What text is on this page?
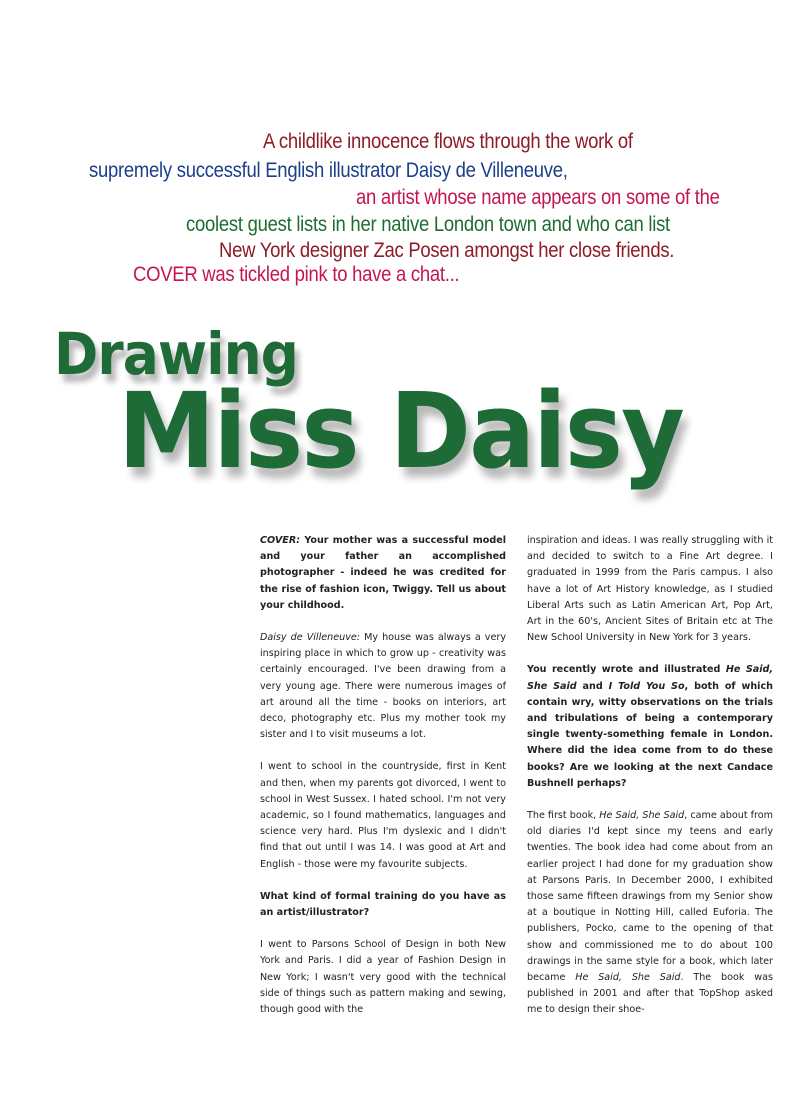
A childlike innocence flows through the work of
supremely successful English illustrator Daisy de Villeneuve,
an artist whose name appears on some of the
coolest guest lists in her native London town and who can list
New York designer Zac Posen amongst her close friends.
COVER was tickled pink to have a chat...
Drawing
Miss Daisy

COVER: Your mother was a successful model and your father an accomplished photographer - indeed he was credited for the rise of fashion icon, Twiggy. Tell us about your childhood.

Daisy de Villeneuve: My house was always a very inspiring place in which to grow up - creativity was certainly encouraged. I've been drawing from a very young age. There were numerous images of art around all the time - books on interiors, art deco, photography etc. Plus my mother took my sister and I to visit museums a lot.

I went to school in the countryside, first in Kent and then, when my parents got divorced, I went to school in West Sussex. I hated school. I'm not very academic, so I found mathematics, languages and science very hard. Plus I'm dyslexic and I didn't find that out until I was 14. I was good at Art and English - those were my favourite subjects.

What kind of formal training do you have as an artist/illustrator?

I went to Parsons School of Design in both New York and Paris. I did a year of Fashion Design in New York; I wasn't very good with the technical side of things such as pattern making and sewing, though good with the

inspiration and ideas. I was really struggling with it and decided to switch to a Fine Art degree. I graduated in 1999 from the Paris campus. I also have a lot of Art History knowledge, as I studied Liberal Arts such as Latin American Art, Pop Art, Art in the 60's, Ancient Sites of Britain etc at The New School University in New York for 3 years.

You recently wrote and illustrated He Said, She Said and I Told You So, both of which contain wry, witty observations on the trials and tribulations of being a contemporary single twenty-something female in London. Where did the idea come from to do these books? Are we looking at the next Candace Bushnell perhaps?

The first book, He Said, She Said, came about from old diaries I'd kept since my teens and early twenties. The book idea had come about from an earlier project I had done for my graduation show at Parsons Paris. In December 2000, I exhibited those same fifteen drawings from my Senior show at a boutique in Notting Hill, called Euforia. The publishers, Pocko, came to the opening of that show and commissioned me to do about 100 drawings in the same style for a book, which later became He Said, She Said. The book was published in 2001 and after that TopShop asked me to design their shoe-
